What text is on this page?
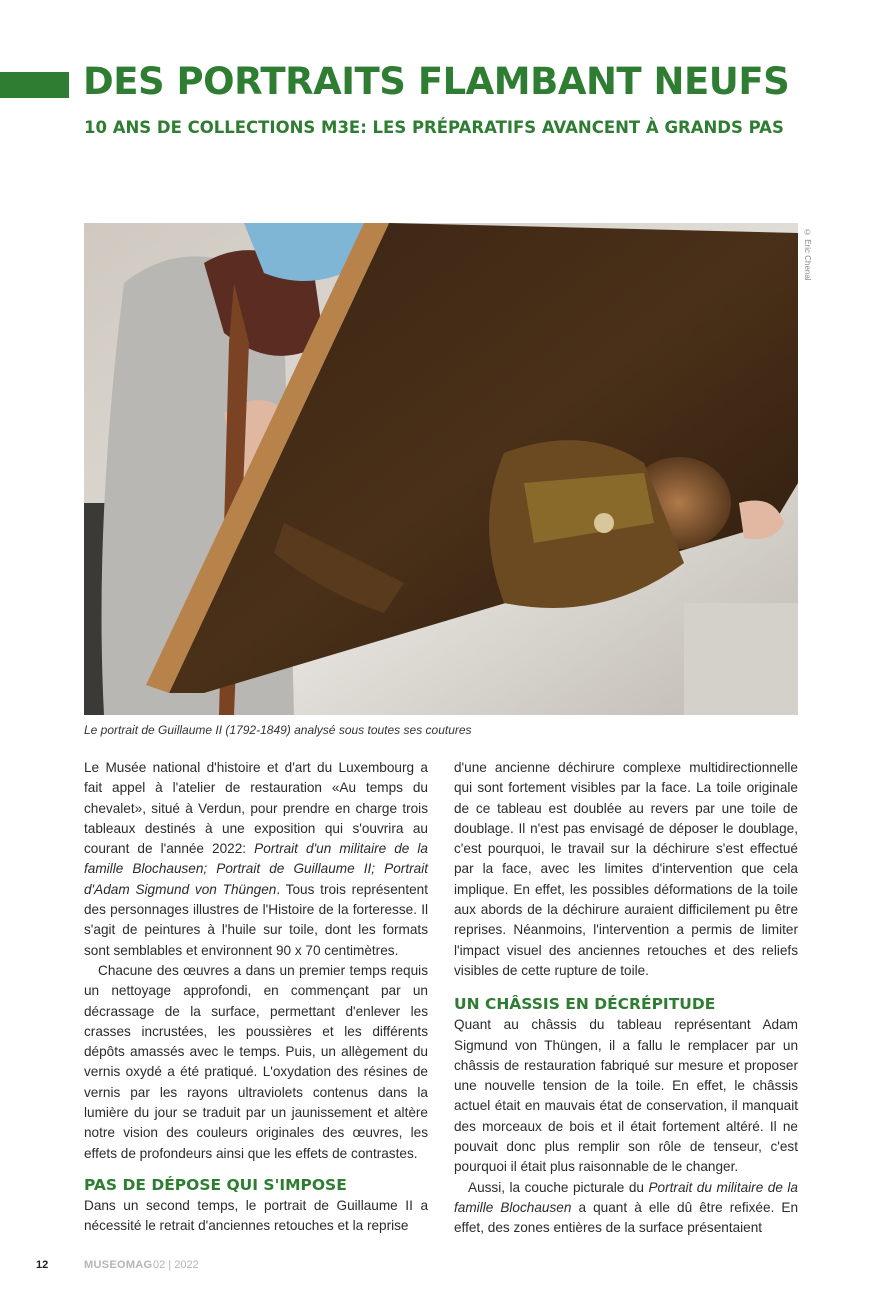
DES PORTRAITS FLAMBANT NEUFS
10 ANS DE COLLECTIONS M3E: LES PRÉPARATIFS AVANCENT À GRANDS PAS
© Eric Chenal
Le portrait de Guillaume II (1792-1849) analysé sous toutes ses coutures

Le Musée national d'histoire et d'art du Luxembourg a fait appel à l'atelier de restauration «Au temps du chevalet», situé à Verdun, pour prendre en charge trois tableaux destinés à une exposition qui s'ouvrira au courant de l'année 2022: Portrait d'un militaire de la famille Blochausen; Portrait de Guillaume II; Portrait d'Adam Sigmund von Thüngen. Tous trois représentent des personnages illustres de l'Histoire de la forteresse. Il s'agit de peintures à l'huile sur toile, dont les formats sont semblables et environnent 90 x 70 centimètres.

Chacune des œuvres a dans un premier temps requis un nettoyage approfondi, en commençant par un décrassage de la surface, permettant d'enlever les crasses incrustées, les poussières et les différents dépôts amassés avec le temps. Puis, un allègement du vernis oxydé a été pratiqué. L'oxydation des résines de vernis par les rayons ultraviolets contenus dans la lumière du jour se traduit par un jaunissement et altère notre vision des couleurs originales des œuvres, les effets de profondeurs ainsi que les effets de contrastes.

PAS DE DÉPOSE QUI S'IMPOSE

Dans un second temps, le portrait de Guillaume II a nécessité le retrait d'anciennes retouches et la reprise

d'une ancienne déchirure complexe multidirectionnelle qui sont fortement visibles par la face. La toile originale de ce tableau est doublée au revers par une toile de doublage. Il n'est pas envisagé de déposer le doublage, c'est pourquoi, le travail sur la déchirure s'est effectué par la face, avec les limites d'intervention que cela implique. En effet, les possibles déformations de la toile aux abords de la déchirure auraient difficilement pu être reprises. Néanmoins, l'intervention a permis de limiter l'impact visuel des anciennes retouches et des reliefs visibles de cette rupture de toile.

UN CHÂSSIS EN DÉCRÉPITUDE

Quant au châssis du tableau représentant Adam Sigmund von Thüngen, il a fallu le remplacer par un châssis de restauration fabriqué sur mesure et proposer une nouvelle tension de la toile. En effet, le châssis actuel était en mauvais état de conservation, il manquait des morceaux de bois et il était fortement altéré. Il ne pouvait donc plus remplir son rôle de tenseur, c'est pourquoi il était plus raisonnable de le changer.

Aussi, la couche picturale du Portrait du militaire de la famille Blochausen a quant à elle dû être refixée. En effet, des zones entières de la surface présentaient

12	MUSEOMAG 02 | 2022
